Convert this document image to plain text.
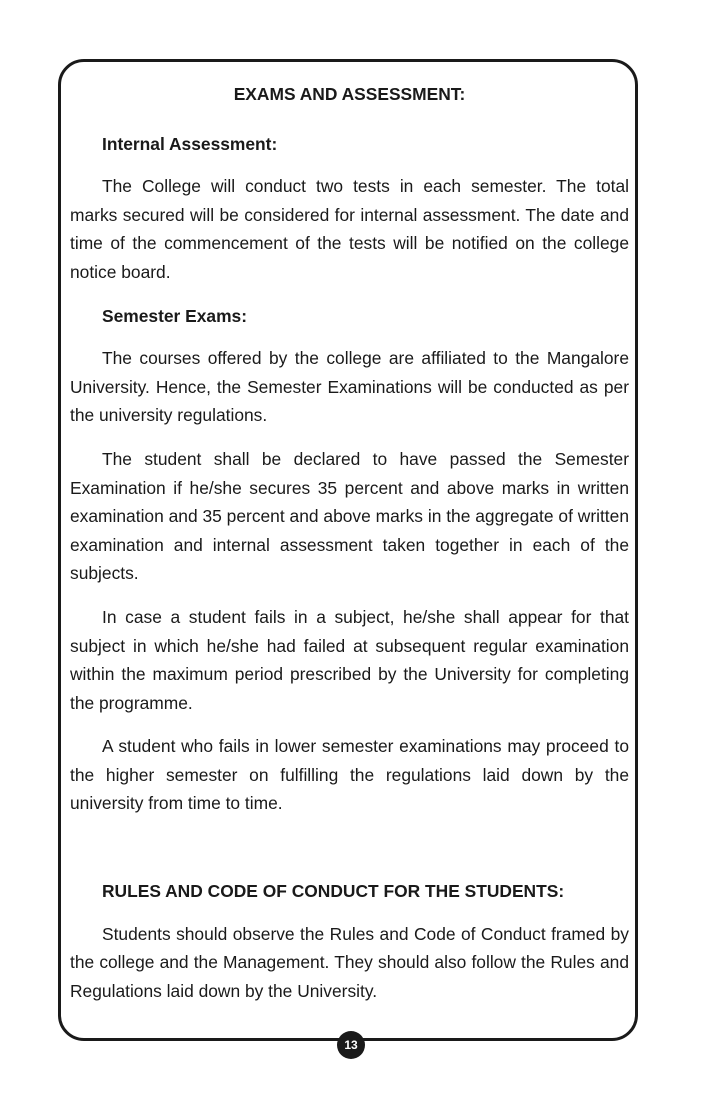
EXAMS AND ASSESSMENT:
Internal Assessment:

The College will conduct two tests in each semester. The total marks secured will be considered for internal assessment. The date and time of the commencement of the tests will be notified on the college notice board.

Semester Exams:

The courses offered by the college are affiliated to the Mangalore University. Hence, the Semester Examinations will be conducted as per the university regulations.

The student shall be declared to have passed the Semester Examination if he/she secures 35 percent and above marks in written examination and 35 percent and above marks in the aggregate of written examination and internal assessment taken together in each of the subjects.

In case a student fails in a subject, he/she shall appear for that subject in which he/she had failed at subsequent regular examination within the maximum period prescribed by the University for completing the programme.

A student who fails in lower semester examinations may proceed to the higher semester on fulfilling the regulations laid down by the university from time to time.

RULES AND CODE OF CONDUCT FOR THE STUDENTS:

Students should observe the Rules and Code of Conduct framed by the college and the Management. They should also follow the Rules and Regulations laid down by the University.

13
